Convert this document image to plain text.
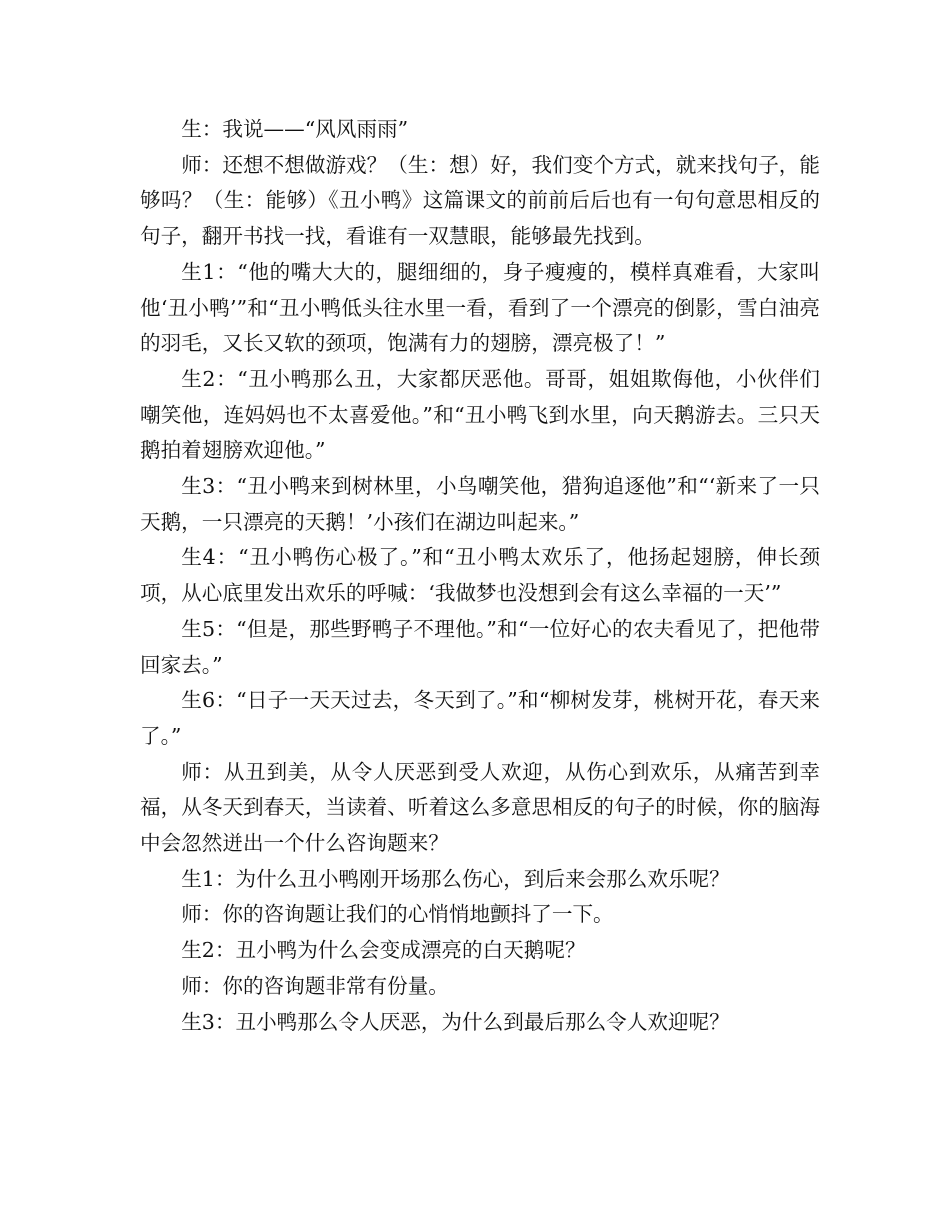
生：我说——“风风雨雨”

师：还想不想做游戏？（生：想）好，我们变个方式，就来找句子，能够吗？（生：能够）《丑小鸭》这篇课文的前前后后也有一句句意思相反的句子，翻开书找一找，看谁有一双慧眼，能够最先找到。

生1：“他的嘴大大的，腿细细的，身子瘦瘦的，模样真难看，大家叫他‘丑小鸭’”和“丑小鸭低头往水里一看，看到了一个漂亮的倒影，雪白油亮的羽毛，又长又软的颈项，饱满有力的翅膀，漂亮极了！”

生2：“丑小鸭那么丑，大家都厌恶他。哥哥，姐姐欺侮他，小伙伴们嘲笑他，连妈妈也不太喜爱他。”和“丑小鸭飞到水里，向天鹅游去。三只天鹅拍着翅膀欢迎他。”

生3：“丑小鸭来到树林里，小鸟嘲笑他，猎狗追逐他”和“‘新来了一只天鹅，一只漂亮的天鹅！’小孩们在湖边叫起来。”

生4：“丑小鸭伤心极了。”和“丑小鸭太欢乐了，他扬起翅膀，伸长颈项，从心底里发出欢乐的呼喊：‘我做梦也没想到会有这么幸福的一天’”

生5：“但是，那些野鸭子不理他。”和“一位好心的农夫看见了，把他带回家去。”

生6：“日子一天天过去，冬天到了。”和“柳树发芽，桃树开花，春天来了。”

师：从丑到美，从令人厌恶到受人欢迎，从伤心到欢乐，从痛苦到幸福，从冬天到春天，当读着、听着这么多意思相反的句子的时候，你的脑海中会忽然迸出一个什么咨询题来？

生1：为什么丑小鸭刚开场那么伤心，到后来会那么欢乐呢？

师：你的咨询题让我们的心悄悄地颤抖了一下。

生2：丑小鸭为什么会变成漂亮的白天鹅呢？

师：你的咨询题非常有份量。

生3：丑小鸭那么令人厌恶，为什么到最后那么令人欢迎呢？
